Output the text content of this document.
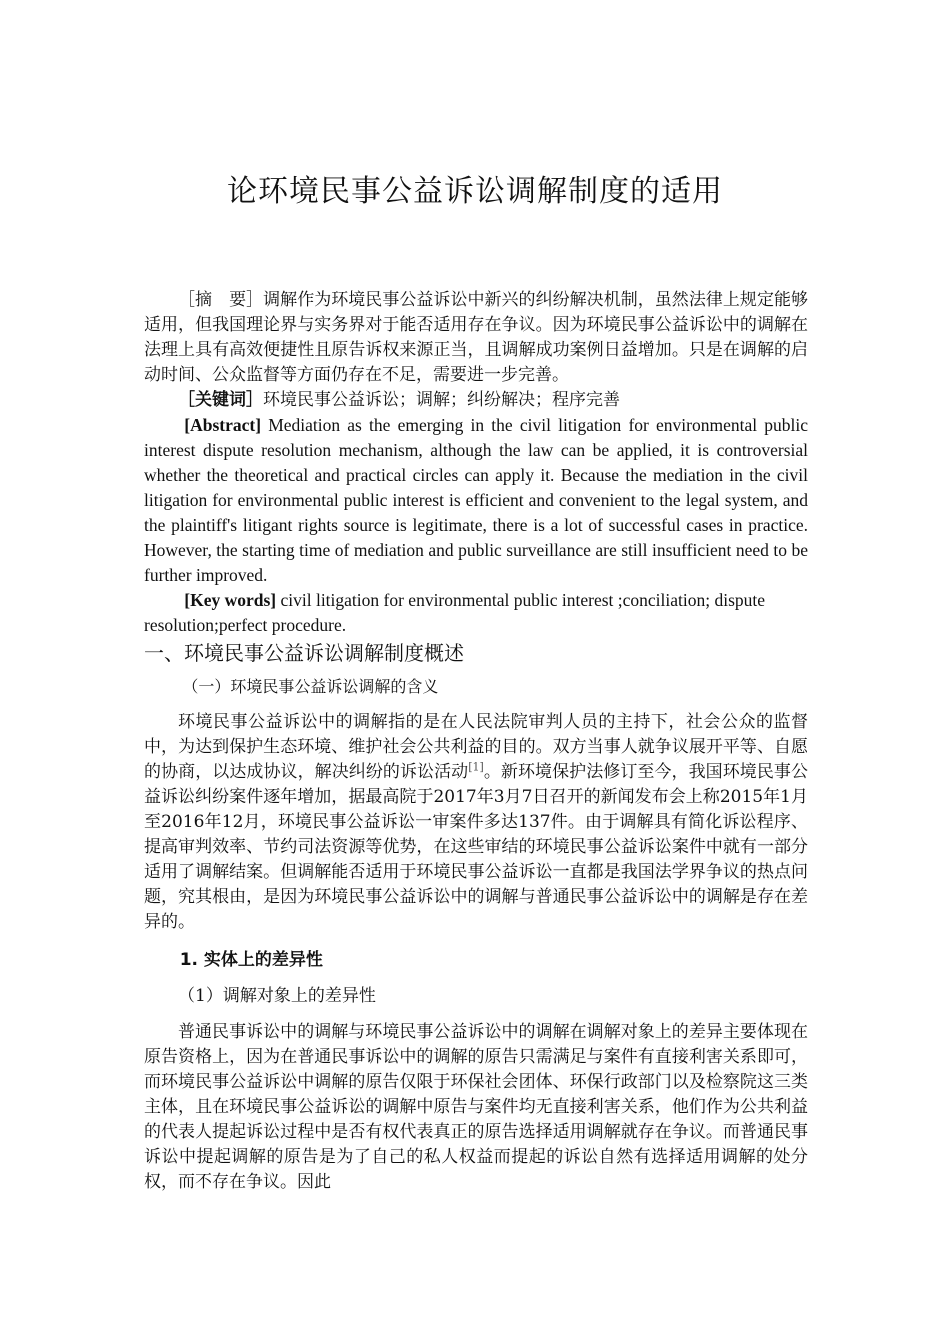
论环境民事公益诉讼调解制度的适用

［摘　要］调解作为环境民事公益诉讼中新兴的纠纷解决机制，虽然法律上规定能够适用，但我国理论界与实务界对于能否适用存在争议。因为环境民事公益诉讼中的调解在法理上具有高效便捷性且原告诉权来源正当，且调解成功案例日益增加。只是在调解的启动时间、公众监督等方面仍存在不足，需要进一步完善。

［关键词］环境民事公益诉讼；调解；纠纷解决；程序完善

[Abstract] Mediation as the emerging in the civil litigation for environmental public interest dispute resolution mechanism, although the law can be applied, it is controversial whether the theoretical and practical circles can apply it. Because the mediation in the civil litigation for environmental public interest is efficient and convenient to the legal system, and the plaintiff's litigant rights source is legitimate, there is a lot of successful cases in practice. However, the starting time of mediation and public surveillance are still insufficient need to be further improved.

[Key words] civil litigation for environmental public interest ;conciliation; dispute resolution;perfect procedure.

一、环境民事公益诉讼调解制度概述

（一）环境民事公益诉讼调解的含义

环境民事公益诉讼中的调解指的是在人民法院审判人员的主持下，社会公众的监督中，为达到保护生态环境、维护社会公共利益的目的。双方当事人就争议展开平等、自愿的协商，以达成协议，解决纠纷的诉讼活动[1]。新环境保护法修订至今，我国环境民事公益诉讼纠纷案件逐年增加，据最高院于2017年3月7日召开的新闻发布会上称2015年1月至2016年12月，环境民事公益诉讼一审案件多达137件。由于调解具有简化诉讼程序、提高审判效率、节约司法资源等优势，在这些审结的环境民事公益诉讼案件中就有一部分适用了调解结案。但调解能否适用于环境民事公益诉讼一直都是我国法学界争议的热点问题，究其根由，是因为环境民事公益诉讼中的调解与普通民事公益诉讼中的调解是存在差异的。

1. 实体上的差异性

（1）调解对象上的差异性

普通民事诉讼中的调解与环境民事公益诉讼中的调解在调解对象上的差异主要体现在原告资格上，因为在普通民事诉讼中的调解的原告只需满足与案件有直接利害关系即可，而环境民事公益诉讼中调解的原告仅限于环保社会团体、环保行政部门以及检察院这三类主体，且在环境民事公益诉讼的调解中原告与案件均无直接利害关系，他们作为公共利益的代表人提起诉讼过程中是否有权代表真正的原告选择适用调解就存在争议。而普通民事诉讼中提起调解的原告是为了自己的私人权益而提起的诉讼自然有选择适用调解的处分权，而不存在争议。因此
